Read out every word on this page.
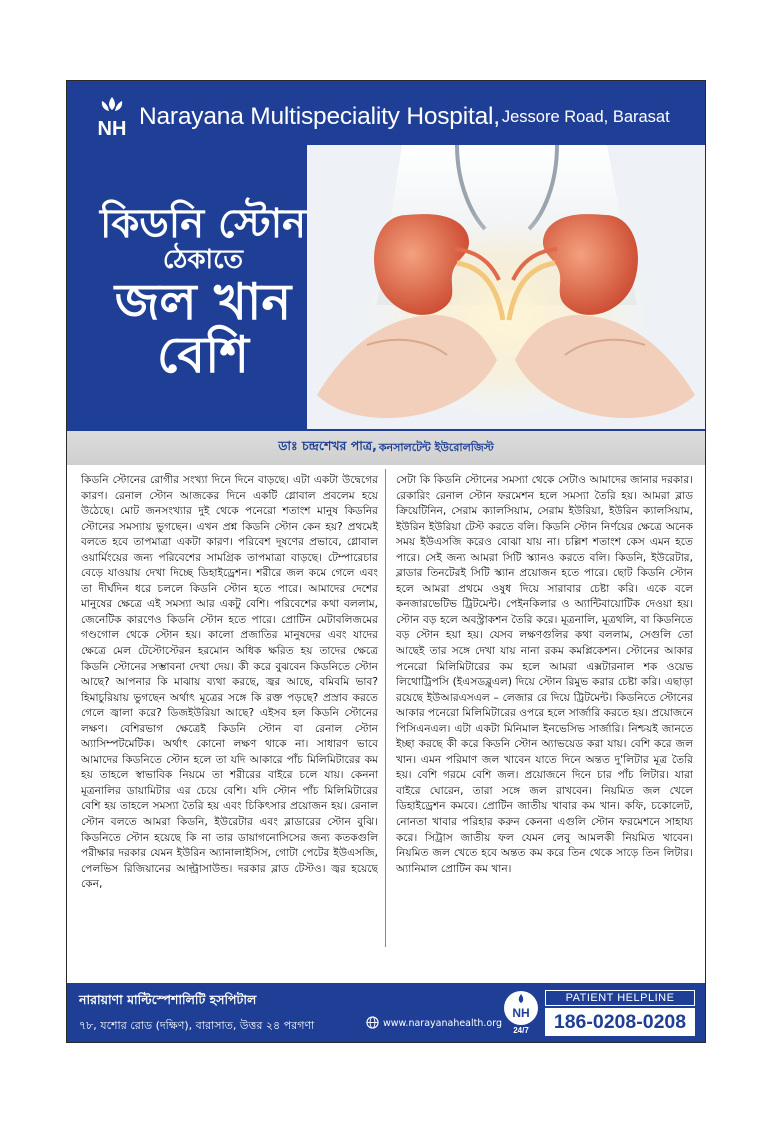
NH Narayana Multispeciality Hospital, Jessore Road, Barasat
কিডনি স্টোন
ঠেকাতে
জল খান
বেশি
ডাঃ চন্দ্রশেখর পাত্র, কনসালটেন্ট ইউরোলজিস্ট
কিডনি স্টোনের রোগীর সংখ্যা দিনে দিনে বাড়ছে। এটা একটা উদ্বেগের কারণ। রেনাল স্টোন আজকের দিনে একটি গ্লোবাল প্রবলেম হয়ে উঠেছে। মোট জনসংখ্যার দুই থেকে পনেরো শতাংশ মানুষ কিডনির স্টোনের সমস্যায় ভুগছেন। এখন প্রশ্ন কিডনি স্টোন কেন হয়? প্রথমেই বলতে হবে তাপমাত্রা একটা কারণ। পরিবেশ দূষণের প্রভাবে, গ্লোবাল ওয়ার্মিংয়ের জন্য পরিবেশের সামগ্রিক তাপমাত্রা বাড়ছে। টেম্পারেচার বেড়ে যাওয়ায় দেখা দিচ্ছে ডিহাইড্রেশন। শরীরে জল কমে গেলে এবং তা দীর্ঘদিন ধরে চললে কিডনি স্টোন হতে পারে। আমাদের দেশের মানুষের ক্ষেত্রে এই সমস্যা আর একটু বেশি। পরিবেশের কথা বললাম, জেনেটিক কারণেও কিডনি স্টোন হতে পারে। প্রোটিন মেটাবলিজমের গণ্ডগোল থেকে স্টোন হয়। কালো প্রজাতির মানুষদের এবং যাদের ক্ষেত্রে মেল টেস্টোস্টেরন হরমোন অধিক ক্ষরিত হয় তাদের ক্ষেত্রে কিডনি স্টোনের সম্ভাবনা দেখা দেয়। কী করে বুঝবেন কিডনিতে স্টোন আছে? আপনার কি মাঝায় ব্যথা করছে, জ্বর আছে, বমিবমি ভাব? হিমাচুরিয়ায় ভুগছেন অর্থাৎ মূত্রের সঙ্গে কি রক্ত পড়ছে? প্রস্রাব করতে গেলে জ্বালা করে? ডিজইউরিয়া আছে? এইসব হল কিডনি স্টোনের লক্ষণ। বেশিরভাগ ক্ষেত্রেই কিডনি স্টোন বা রেনাল স্টোন অ্যাসিম্পটমেটিক। অর্থাৎ কোনো লক্ষণ থাকে না। সাধারণ ভাবে আমাদের কিডনিতে স্টোন হলে তা যদি আকারে পাঁচ মিলিমিটারের কম হয় তাহলে স্বাভাবিক নিয়মে তা শরীরের বাইরে চলে যায়। কেননা মূত্রনালির ডায়ামিটার এর চেয়ে বেশি। যদি স্টোন পাঁচ মিলিমিটারের বেশি হয় তাহলে সমস্যা তৈরি হয় এবং চিকিৎসার প্রয়োজন হয়। রেনাল স্টোন বলতে আমরা কিডনি, ইউরেটার এবং ব্লাডারের স্টোন বুঝি। কিডনিতে স্টোন হয়েছে কি না তার ডায়াগনোসিসের জন্য কতকগুলি পরীক্ষার দরকার যেমন ইউরিন অ্যানালাইসিস, গোটা পেটের ইউএসজি, পেলভিস রিজিয়ানের আল্ট্রাসাউন্ড। দরকার ব্লাড টেস্টও। জ্বর হয়েছে কেন,
সেটা কি কিডনি স্টোনের সমস্যা থেকে সেটাও আমাদের জানার দরকার। রেকারিং রেনাল স্টোন ফরমেশন হলে সমস্যা তৈরি হয়। আমরা ব্লাড ক্রিয়েটিনিন, সেরাম ক্যালসিয়াম, সেরাম ইউরিয়া, ইউরিন ক্যালসিয়াম, ইউরিন ইউরিয়া টেস্ট করতে বলি। কিডনি স্টোন নির্ণয়ের ক্ষেত্রে অনেক সময় ইউএসজি করেও বোঝা যায় না। চল্লিশ শতাংশ কেস এমন হতে পারে। সেই জন্য আমরা সিটি স্ক্যানও করতে বলি। কিডনি, ইউরেটার, ব্লাডার তিনটেরই সিটি স্ক্যান প্রয়োজন হতে পারে। ছোট কিডনি স্টোন হলে আমরা প্রথমে ওষুধ দিয়ে সারাবার চেষ্টা করি। একে বলে কনজারভেটিভ ট্রিটমেন্ট। পেইনকিলার ও অ্যান্টিবায়োটিক দেওয়া হয়। স্টোন বড় হলে অবস্ট্রাকশন তৈরি করে। মূত্রনালি, মূত্রথলি, বা কিডনিতে বড় স্টোন হয়া হয়। যেসব লক্ষণগুলির কথা বললাম, সেগুলি তো আছেই তার সঙ্গে দেখা যায় নানা রকম কমপ্লিকেশন। স্টোনের আকার পনেরো মিলিমিটারের কম হলে আমরা এক্সটারনাল শক ওয়েভ লিথোট্রিপসি (ইএসডব্লুএল) দিয়ে স্টোন রিমুভ করার চেষ্টা করি। এছাড়া রয়েছে ইউআরএসএল – লেজার রে দিয়ে ট্রিটমেন্ট। কিডনিতে স্টোনের আকার পনেরো মিলিমিটারের ওপরে হলে সার্জারি করতে হয়। প্রয়োজনে পিসিএনএল। এটা একটা মিনিমাল ইনভেসিভ সার্জারি। নিশ্চয়ই জানতে ইচ্ছা করছে কী করে কিডনি স্টোন অ্যাভয়েড করা যায়। বেশি করে জল খান। এমন পরিমাণ জল খাবেন যাতে দিনে অন্তত দু'লিটার মূত্র তৈরি হয়। বেশি গরমে বেশি জল। প্রয়োজনে দিনে চার পাঁচ লিটার। যারা বাইরে ঘোরেন, তারা সঙ্গে জল রাখবেন। নিয়মিত জল খেলে ডিহাইড্রেশন কমবে। প্রোটিন জাতীয় খাবার কম খান। কফি, চকোলেট, নোনতা খাবার পরিহার করুন কেননা এগুলি স্টোন ফরমেশনে সাহায্য করে। সিট্রাস জাতীয় ফল যেমন লেবু আমলকী নিয়মিত খাবেন। নিয়মিত জল খেতে হবে অন্তত কম করে তিন থেকে সাড়ে তিন লিটার। অ্যানিমাল প্রোটিন কম খান।
নারায়াণা মাল্টিস্পেশালিটি হসপিটাল
৭৮, যশোর রোড (দক্ষিণ), বারাসাত, উত্তর ২৪ পরগণা	www.narayanahealth.org
NH
24/7
PATIENT HELPLINE
186-0208-0208
